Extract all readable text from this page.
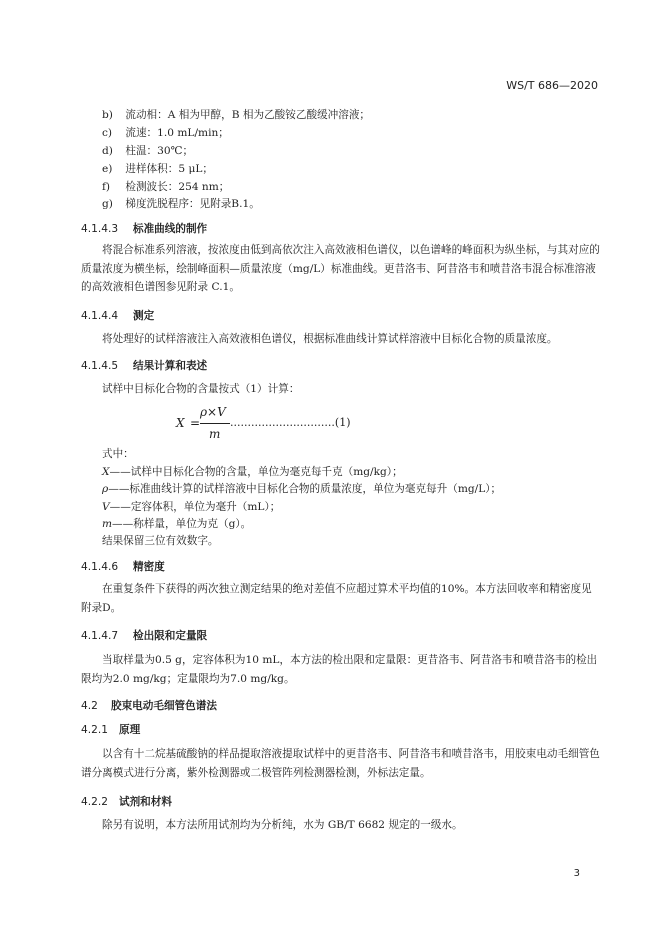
WS/T 686—2020
b) 流动相：A 相为甲醇，B 相为乙酸铵乙酸缓冲溶液；
c) 流速：1.0 mL/min；
d) 柱温：30℃；
e) 进样体积：5 μL；
f) 检测波长：254 nm；
g) 梯度洗脱程序：见附录B.1。
4.1.4.3 标准曲线的制作
将混合标准系列溶液，按浓度由低到高依次注入高效液相色谱仪，以色谱峰的峰面积为纵坐标，与其对应的质量浓度为横坐标，绘制峰面积—质量浓度（mg/L）标准曲线。更昔洛韦、阿昔洛韦和喷昔洛韦混合标准溶液的高效液相色谱图参见附录 C.1。
4.1.4.4 测定
将处理好的试样溶液注入高效液相色谱仪，根据标准曲线计算试样溶液中目标化合物的质量浓度。
4.1.4.5 结果计算和表述
试样中目标化合物的含量按式（1）计算：
X =
ρ×V
m
..............................(1)
式中：
X——试样中目标化合物的含量，单位为毫克每千克（mg/kg）；
ρ——标准曲线计算的试样溶液中目标化合物的质量浓度，单位为毫克每升（mg/L）；
V——定容体积，单位为毫升（mL）；
m——称样量，单位为克（g）。
结果保留三位有效数字。
4.1.4.6 精密度
在重复条件下获得的两次独立测定结果的绝对差值不应超过算术平均值的10%。本方法回收率和精密度见附录D。
4.1.4.7 检出限和定量限
当取样量为0.5 g，定容体积为10 mL，本方法的检出限和定量限：更昔洛韦、阿昔洛韦和喷昔洛韦的检出限均为2.0 mg/kg；定量限均为7.0 mg/kg。
4.2 胶束电动毛细管色谱法
4.2.1 原理
以含有十二烷基硫酸钠的样品提取溶液提取试样中的更昔洛韦、阿昔洛韦和喷昔洛韦，用胶束电动毛细管色谱分离模式进行分离，紫外检测器或二极管阵列检测器检测，外标法定量。
4.2.2 试剂和材料
除另有说明，本方法所用试剂均为分析纯，水为 GB/T 6682 规定的一级水。
3
